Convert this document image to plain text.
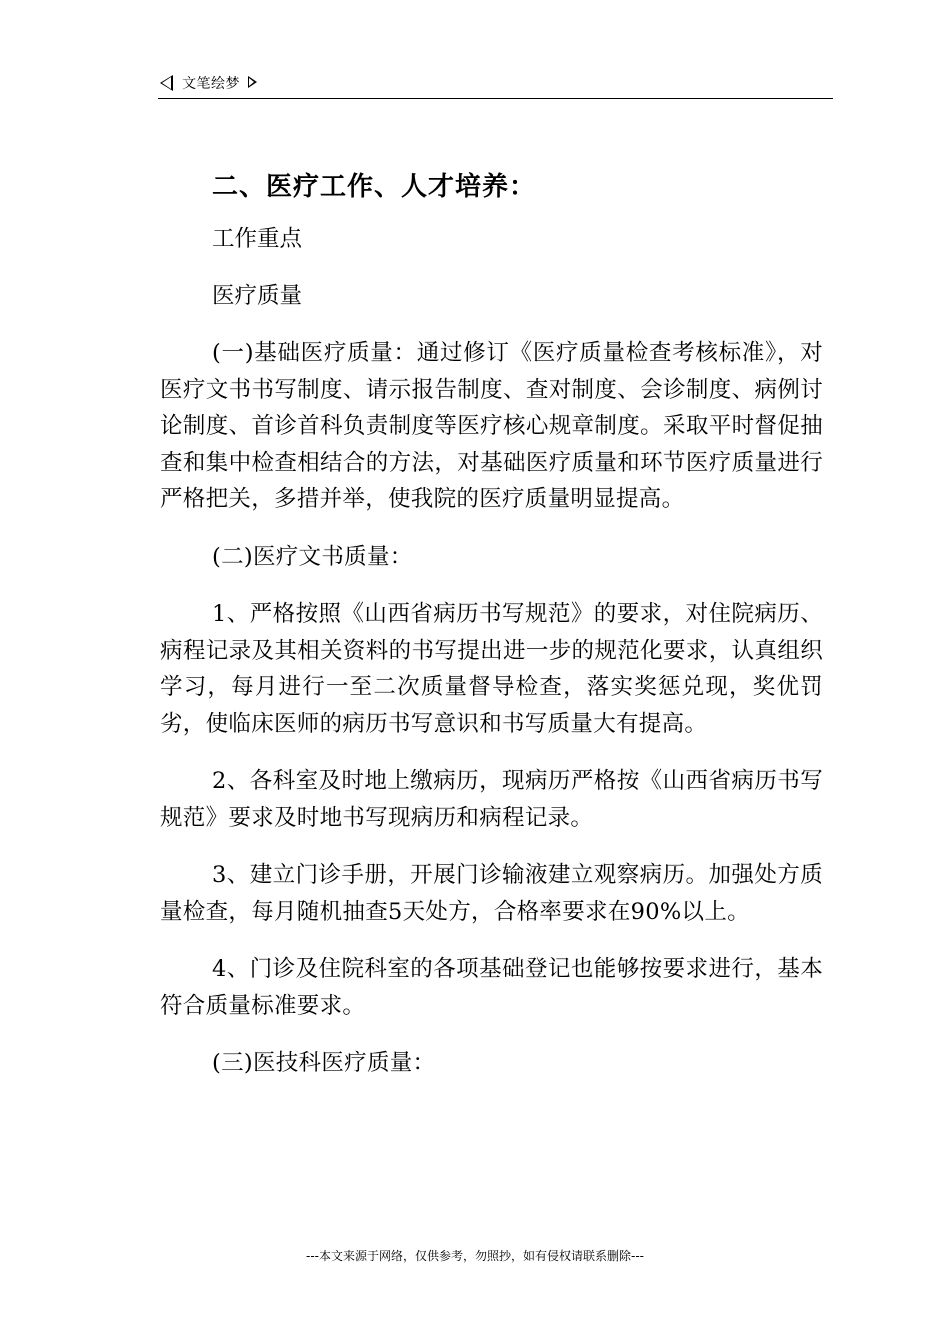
文笔绘梦
二、医疗工作、人才培养：
工作重点
医疗质量

(一)基础医疗质量：通过修订《医疗质量检查考核标准》，对医疗文书书写制度、请示报告制度、查对制度、会诊制度、病例讨论制度、首诊首科负责制度等医疗核心规章制度。采取平时督促抽查和集中检查相结合的方法，对基础医疗质量和环节医疗质量进行严格把关，多措并举，使我院的医疗质量明显提高。

(二)医疗文书质量：

1、严格按照《山西省病历书写规范》的要求，对住院病历、病程记录及其相关资料的书写提出进一步的规范化要求，认真组织学习，每月进行一至二次质量督导检查，落实奖惩兑现，奖优罚劣，使临床医师的病历书写意识和书写质量大有提高。

2、各科室及时地上缴病历，现病历严格按《山西省病历书写规范》要求及时地书写现病历和病程记录。

3、建立门诊手册，开展门诊输液建立观察病历。加强处方质量检查，每月随机抽查5天处方，合格率要求在90%以上。

4、门诊及住院科室的各项基础登记也能够按要求进行，基本符合质量标准要求。

(三)医技科医疗质量：

---本文来源于网络，仅供参考，勿照抄，如有侵权请联系删除---
